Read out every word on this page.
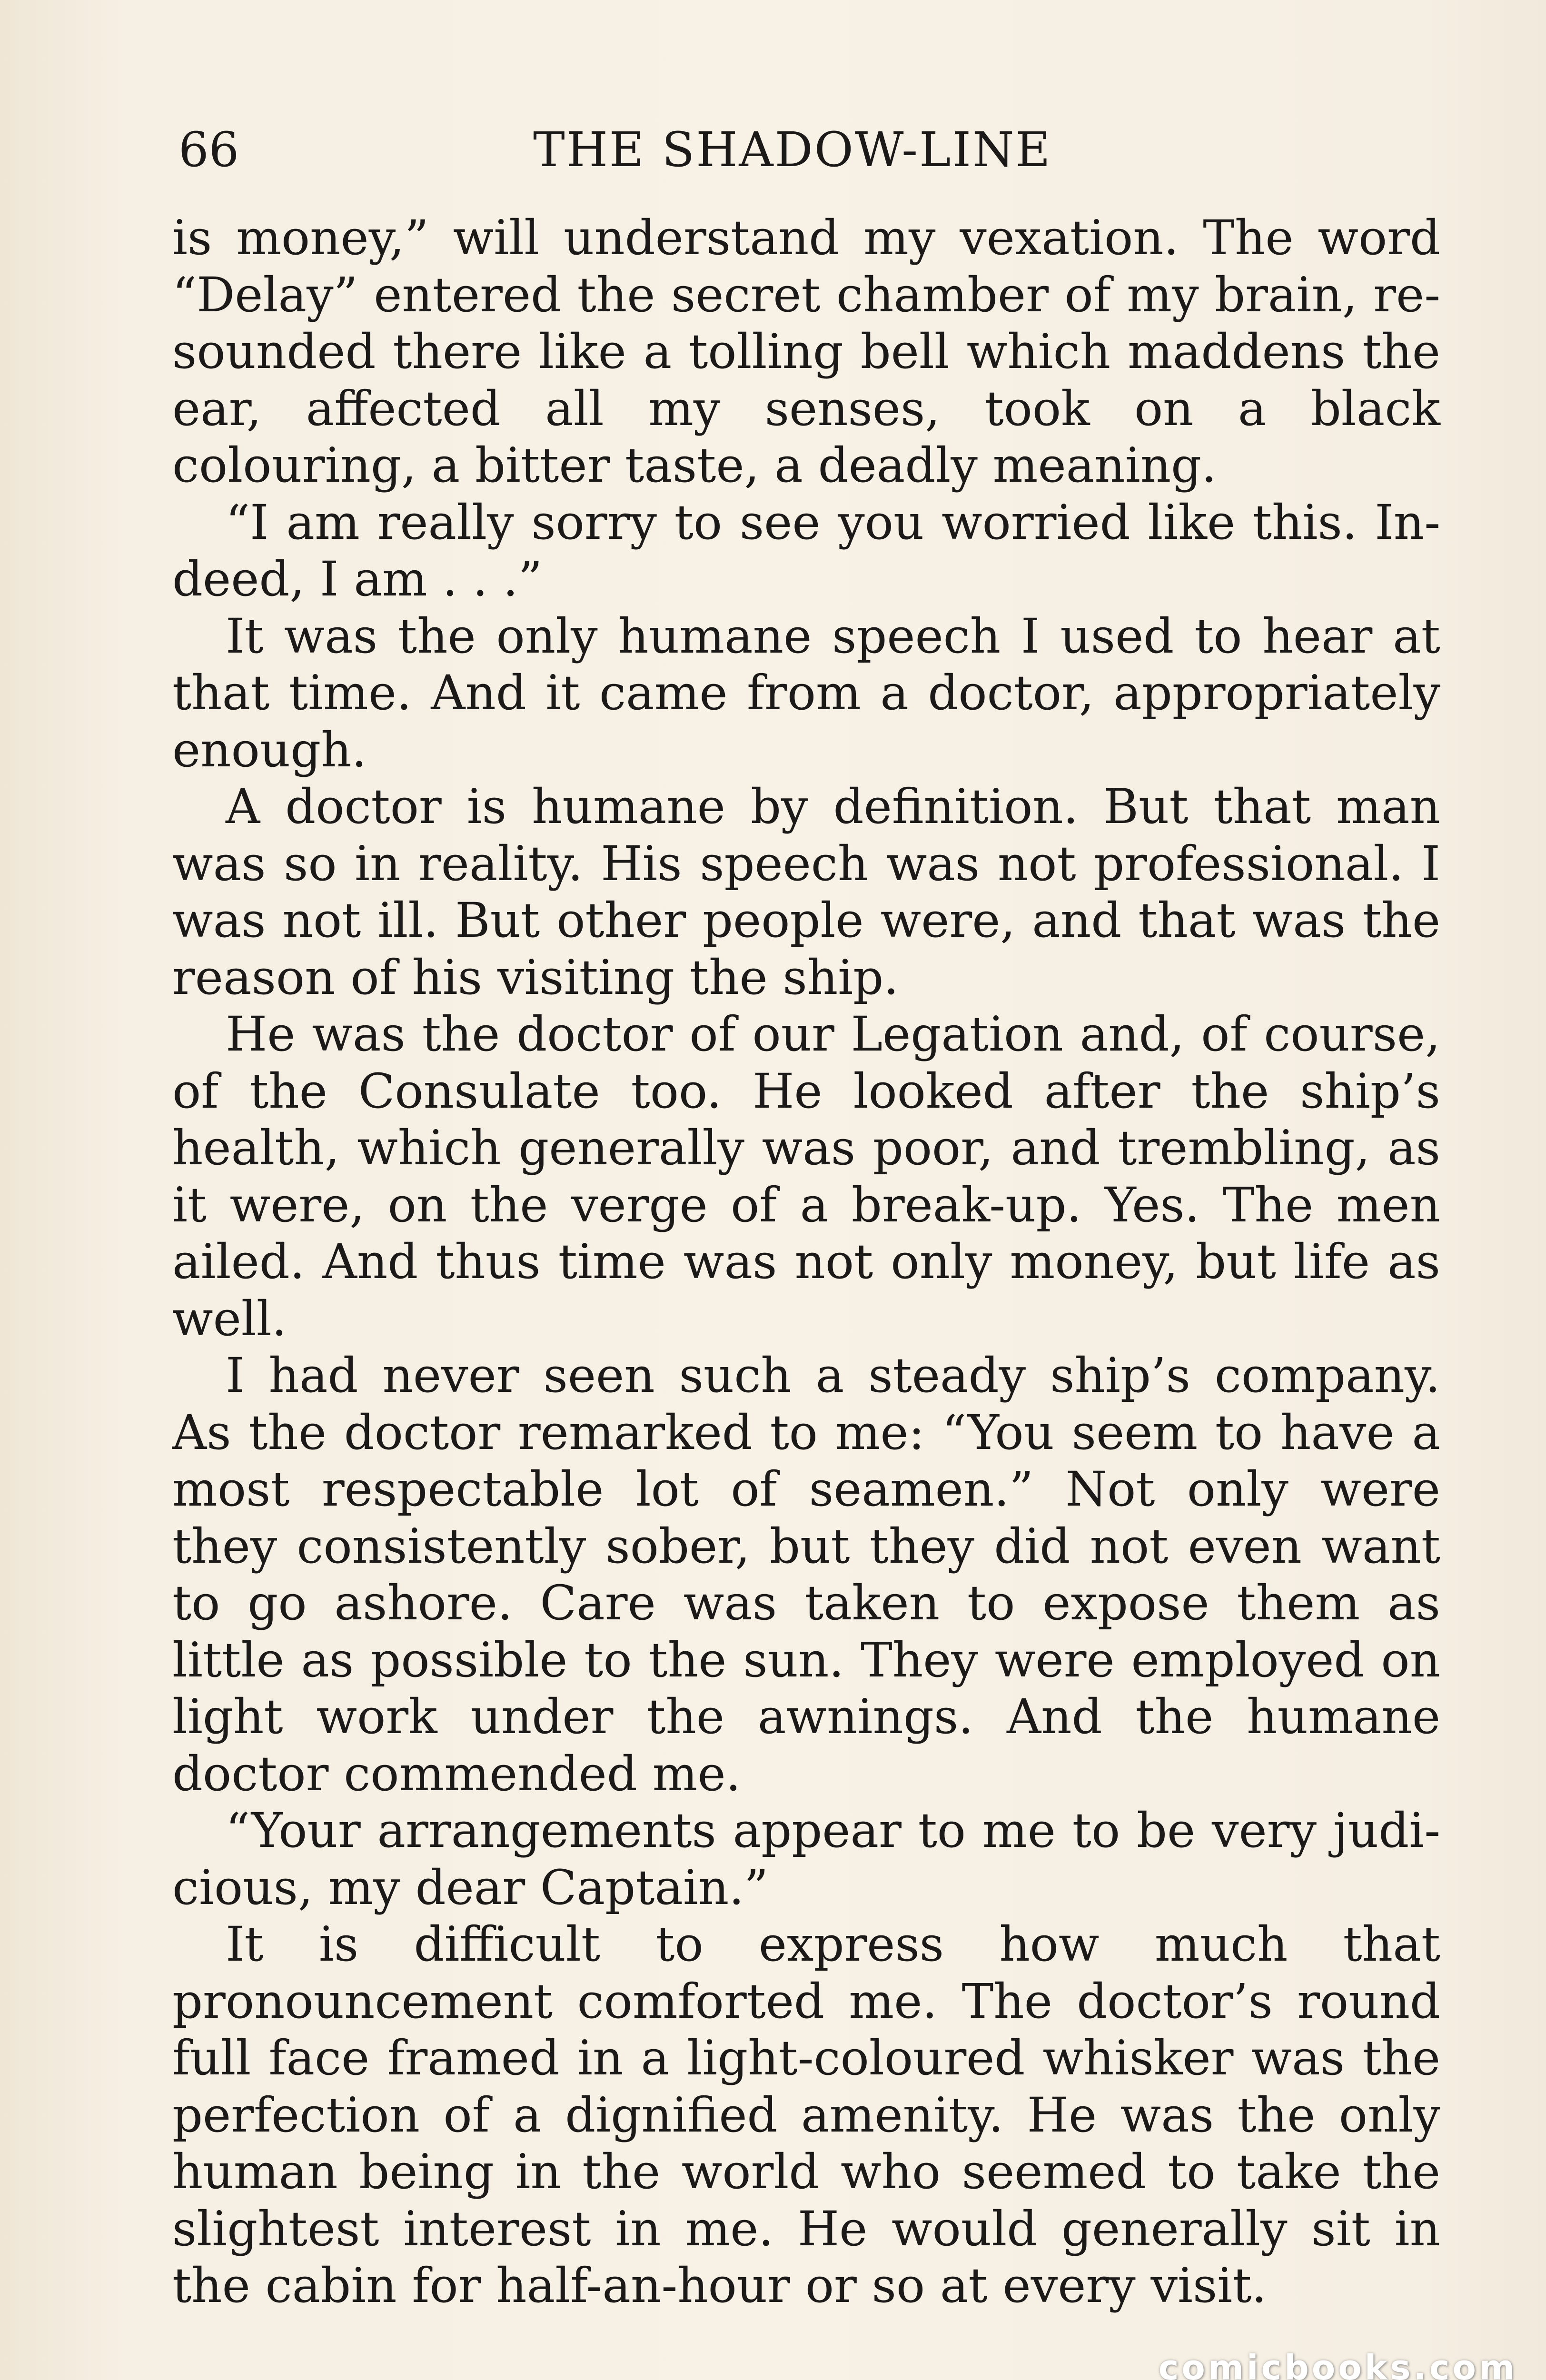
66	THE SHADOW-LINE

is money,” will understand my vexation. The word “Delay” entered the secret chamber of my brain, resounded there like a tolling bell which maddens the ear, affected all my senses, took on a black colouring, a bitter taste, a deadly meaning.

“I am really sorry to see you worried like this. Indeed, I am . . .”

It was the only humane speech I used to hear at that time. And it came from a doctor, appropriately enough.

A doctor is humane by definition. But that man was so in reality. His speech was not professional. I was not ill. But other people were, and that was the reason of his visiting the ship.

He was the doctor of our Legation and, of course, of the Consulate too. He looked after the ship’s health, which generally was poor, and trembling, as it were, on the verge of a break-up. Yes. The men ailed. And thus time was not only money, but life as well.

I had never seen such a steady ship’s company. As the doctor remarked to me: “You seem to have a most respectable lot of seamen.” Not only were they consistently sober, but they did not even want to go ashore. Care was taken to expose them as little as possible to the sun. They were employed on light work under the awnings. And the humane doctor commended me.

“Your arrangements appear to me to be very judicious, my dear Captain.”

It is difficult to express how much that pronouncement comforted me. The doctor’s round full face framed in a light-coloured whisker was the perfection of a dignified amenity. He was the only human being in the world who seemed to take the slightest interest in me. He would generally sit in the cabin for half-an-hour or so at every visit.

comicbooks.com
